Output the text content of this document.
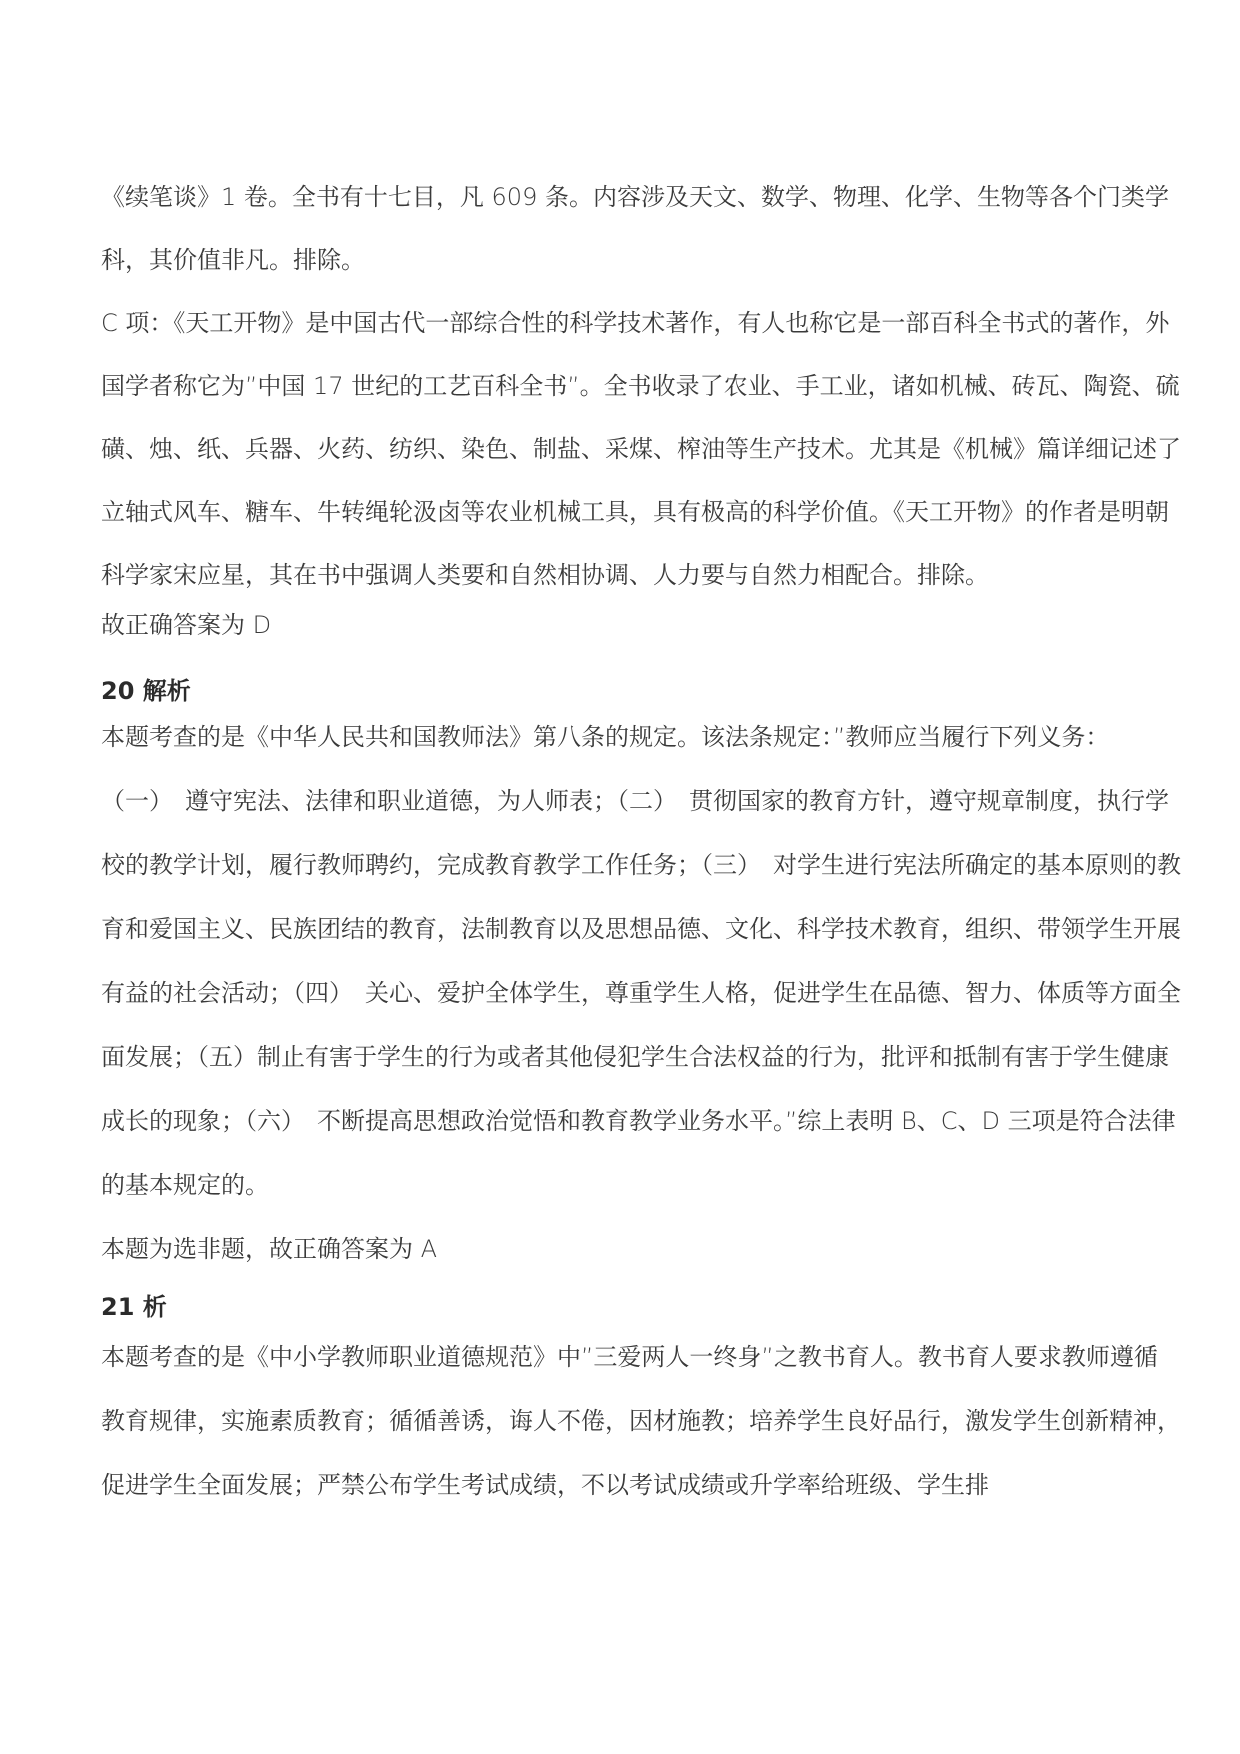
《续笔谈》1 卷。全书有十七目，凡 609 条。内容涉及天文、数学、物理、化学、生物等各个门类学科，其价值非凡。排除。

C 项：《天工开物》是中国古代一部综合性的科学技术著作，有人也称它是一部百科全书式的著作，外国学者称它为”中国 17 世纪的工艺百科全书”。全书收录了农业、手工业，诸如机械、砖瓦、陶瓷、硫磺、烛、纸、兵器、火药、纺织、染色、制盐、采煤、榨油等生产技术。尤其是《机械》篇详细记述了立轴式风车、糖车、牛转绳轮汲卤等农业机械工具，具有极高的科学价值。《天工开物》的作者是明朝科学家宋应星，其在书中强调人类要和自然相协调、人力要与自然力相配合。排除。

故正确答案为 D

20 解析

本题考查的是《中华人民共和国教师法》第八条的规定。该法条规定：”教师应当履行下列义务：

（一）　遵守宪法、法律和职业道德，为人师表；（二）　贯彻国家的教育方针，遵守规章制度，执行学校的教学计划，履行教师聘约，完成教育教学工作任务；（三）　对学生进行宪法所确定的基本原则的教育和爱国主义、民族团结的教育，法制教育以及思想品德、文化、科学技术教育，组织、带领学生开展有益的社会活动；（四）　关心、爱护全体学生，尊重学生人格，促进学生在品德、智力、体质等方面全面发展；（五）制止有害于学生的行为或者其他侵犯学生合法权益的行为，批评和抵制有害于学生健康成长的现象；（六）　不断提高思想政治觉悟和教育教学业务水平。”综上表明 B、C、D 三项是符合法律的基本规定的。

本题为选非题，故正确答案为 A

21 析

本题考查的是《中小学教师职业道德规范》中”三爱两人一终身”之教书育人。教书育人要求教师遵循教育规律，实施素质教育；循循善诱，诲人不倦，因材施教；培养学生良好品行，激发学生创新精神，促进学生全面发展；严禁公布学生考试成绩，不以考试成绩或升学率给班级、学生排
